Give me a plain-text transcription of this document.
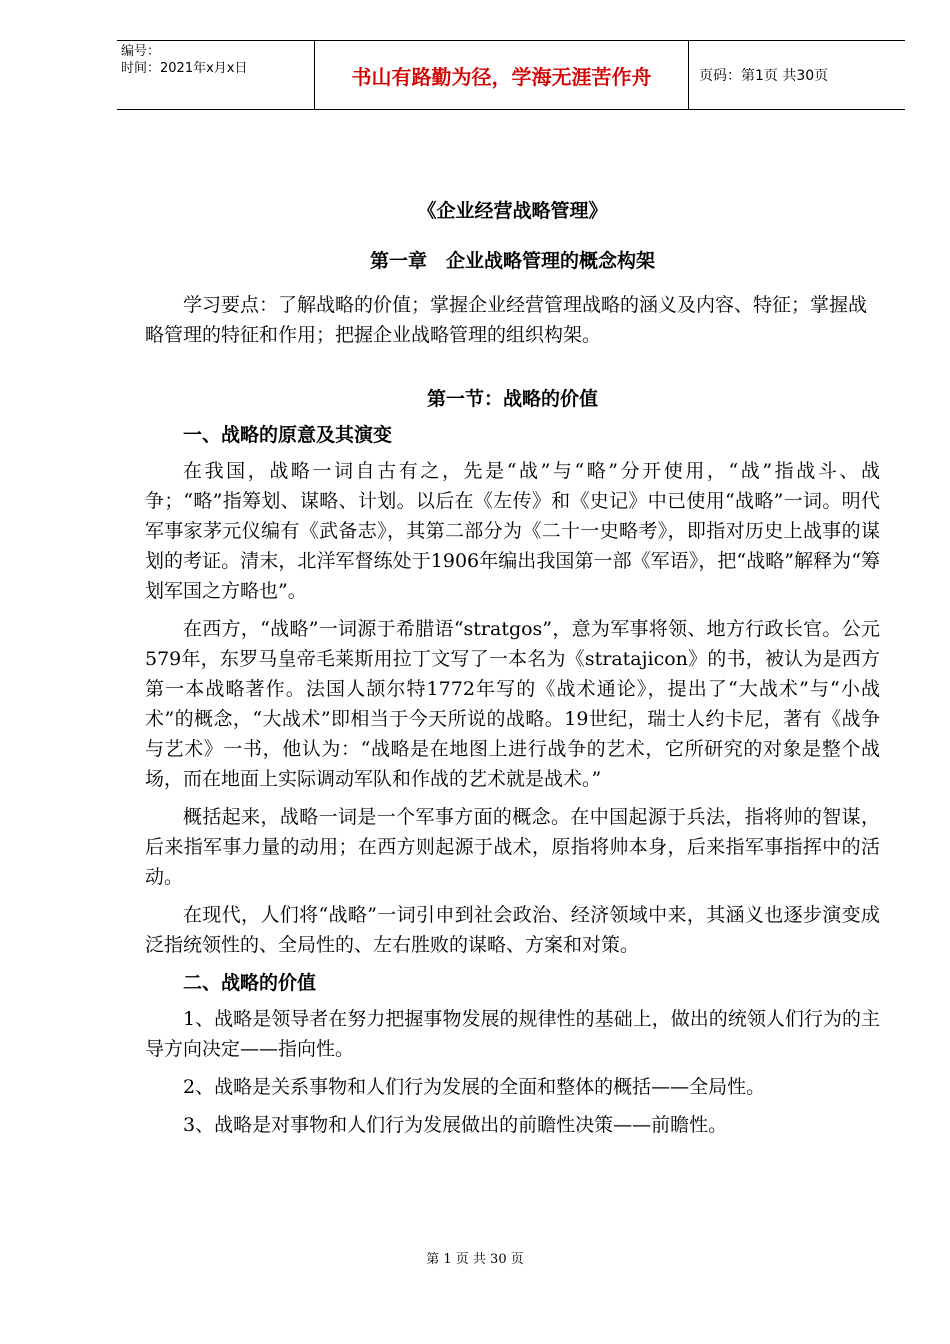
编号：
时间：2021年x月x日	书山有路勤为径，学海无涯苦作舟	页码：第1页 共30页
《企业经营战略管理》
第一章　企业战略管理的概念构架
学习要点：了解战略的价值；掌握企业经营管理战略的涵义及内容、特征；掌握战略管理的特征和作用；把握企业战略管理的组织构架。
第一节：战略的价值
一、战略的原意及其演变

在我国，战略一词自古有之，先是“战”与“略”分开使用，“战”指战斗、战争；“略”指筹划、谋略、计划。以后在《左传》和《史记》中已使用“战略”一词。明代军事家茅元仪编有《武备志》，其第二部分为《二十一史略考》，即指对历史上战事的谋划的考证。清末，北洋军督练处于1906年编出我国第一部《军语》，把“战略”解释为“筹划军国之方略也”。

在西方，“战略”一词源于希腊语“stratgos”，意为军事将领、地方行政长官。公元579年，东罗马皇帝毛莱斯用拉丁文写了一本名为《stratajicon》的书，被认为是西方第一本战略著作。法国人颉尔特1772年写的《战术通论》，提出了“大战术”与“小战术”的概念，“大战术”即相当于今天所说的战略。19世纪，瑞士人约卡尼，著有《战争与艺术》一书，他认为：“战略是在地图上进行战争的艺术，它所研究的对象是整个战场，而在地面上实际调动军队和作战的艺术就是战术。”

概括起来，战略一词是一个军事方面的概念。在中国起源于兵法，指将帅的智谋，后来指军事力量的动用；在西方则起源于战术，原指将帅本身，后来指军事指挥中的活动。

在现代，人们将“战略”一词引申到社会政治、经济领域中来，其涵义也逐步演变成泛指统领性的、全局性的、左右胜败的谋略、方案和对策。

二、战略的价值

1、战略是领导者在努力把握事物发展的规律性的基础上，做出的统领人们行为的主导方向决定——指向性。

2、战略是关系事物和人们行为发展的全面和整体的概括——全局性。

3、战略是对事物和人们行为发展做出的前瞻性决策——前瞻性。

第 1 页 共 30 页
